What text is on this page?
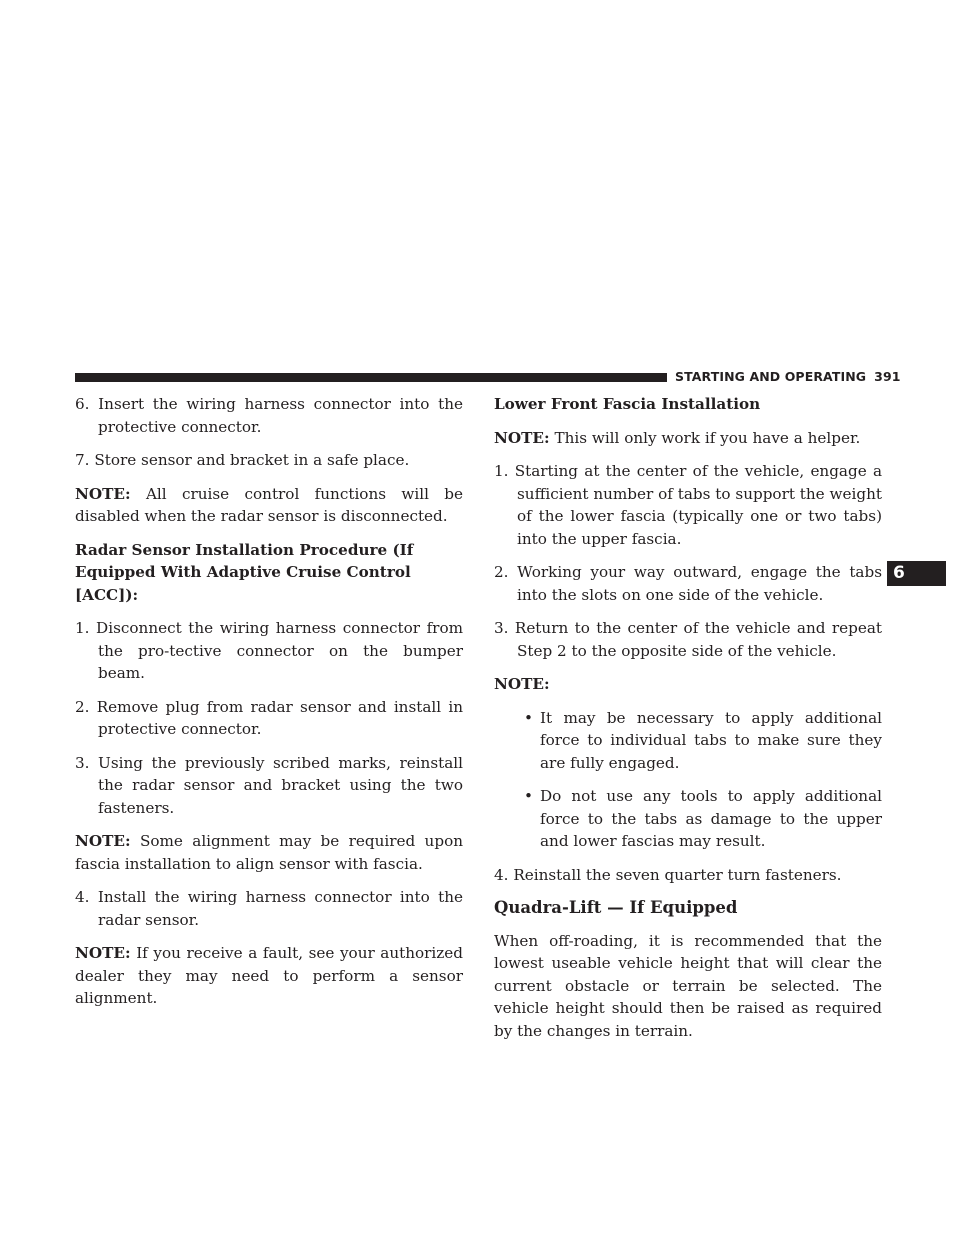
STARTING AND OPERATING 391
6

6. Insert the wiring harness connector into the protective connector.

7. Store sensor and bracket in a safe place.

NOTE: All cruise control functions will be disabled when the radar sensor is disconnected.

Radar Sensor Installation Procedure (If Equipped With Adaptive Cruise Control [ACC]):

1. Disconnect the wiring harness connector from the pro-tective connector on the bumper beam.

2. Remove plug from radar sensor and install in protective connector.

3. Using the previously scribed marks, reinstall the radar sensor and bracket using the two fasteners.

NOTE: Some alignment may be required upon fascia installation to align sensor with fascia.

4. Install the wiring harness connector into the radar sensor.

NOTE: If you receive a fault, see your authorized dealer they may need to perform a sensor alignment.

Lower Front Fascia Installation

NOTE: This will only work if you have a helper.

1. Starting at the center of the vehicle, engage a sufficient number of tabs to support the weight of the lower fascia (typically one or two tabs) into the upper fascia.

2. Working your way outward, engage the tabs into the slots on one side of the vehicle.

3. Return to the center of the vehicle and repeat Step 2 to the opposite side of the vehicle.

NOTE:

• It may be necessary to apply additional force to individual tabs to make sure they are fully engaged.

• Do not use any tools to apply additional force to the tabs as damage to the upper and lower fascias may result.

4. Reinstall the seven quarter turn fasteners.

Quadra-Lift — If Equipped

When off-roading, it is recommended that the lowest useable vehicle height that will clear the current obstacle or terrain be selected. The vehicle height should then be raised as required by the changes in terrain.
